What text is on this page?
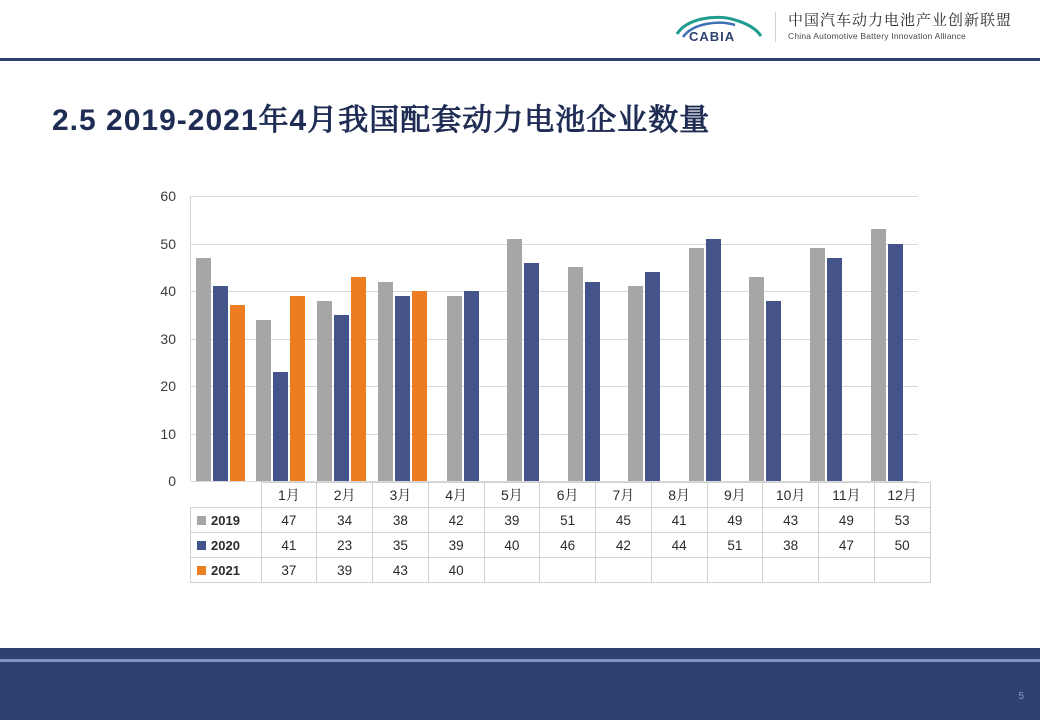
CABIA
中国汽车动力电池产业创新联盟
China Automotive Battery Innovation Alliance
2.5 2019-2021年4月我国配套动力电池企业数量
0
10
20
30
40
50
60
	1月	2月	3月	4月	5月	6月	7月	8月	9月	10月	11月	12月
2019	47	34	38	42	39	51	45	41	49	43	49	53
2020	41	23	35	39	40	46	42	44	51	38	47	50
2021	37	39	43	40								
5
